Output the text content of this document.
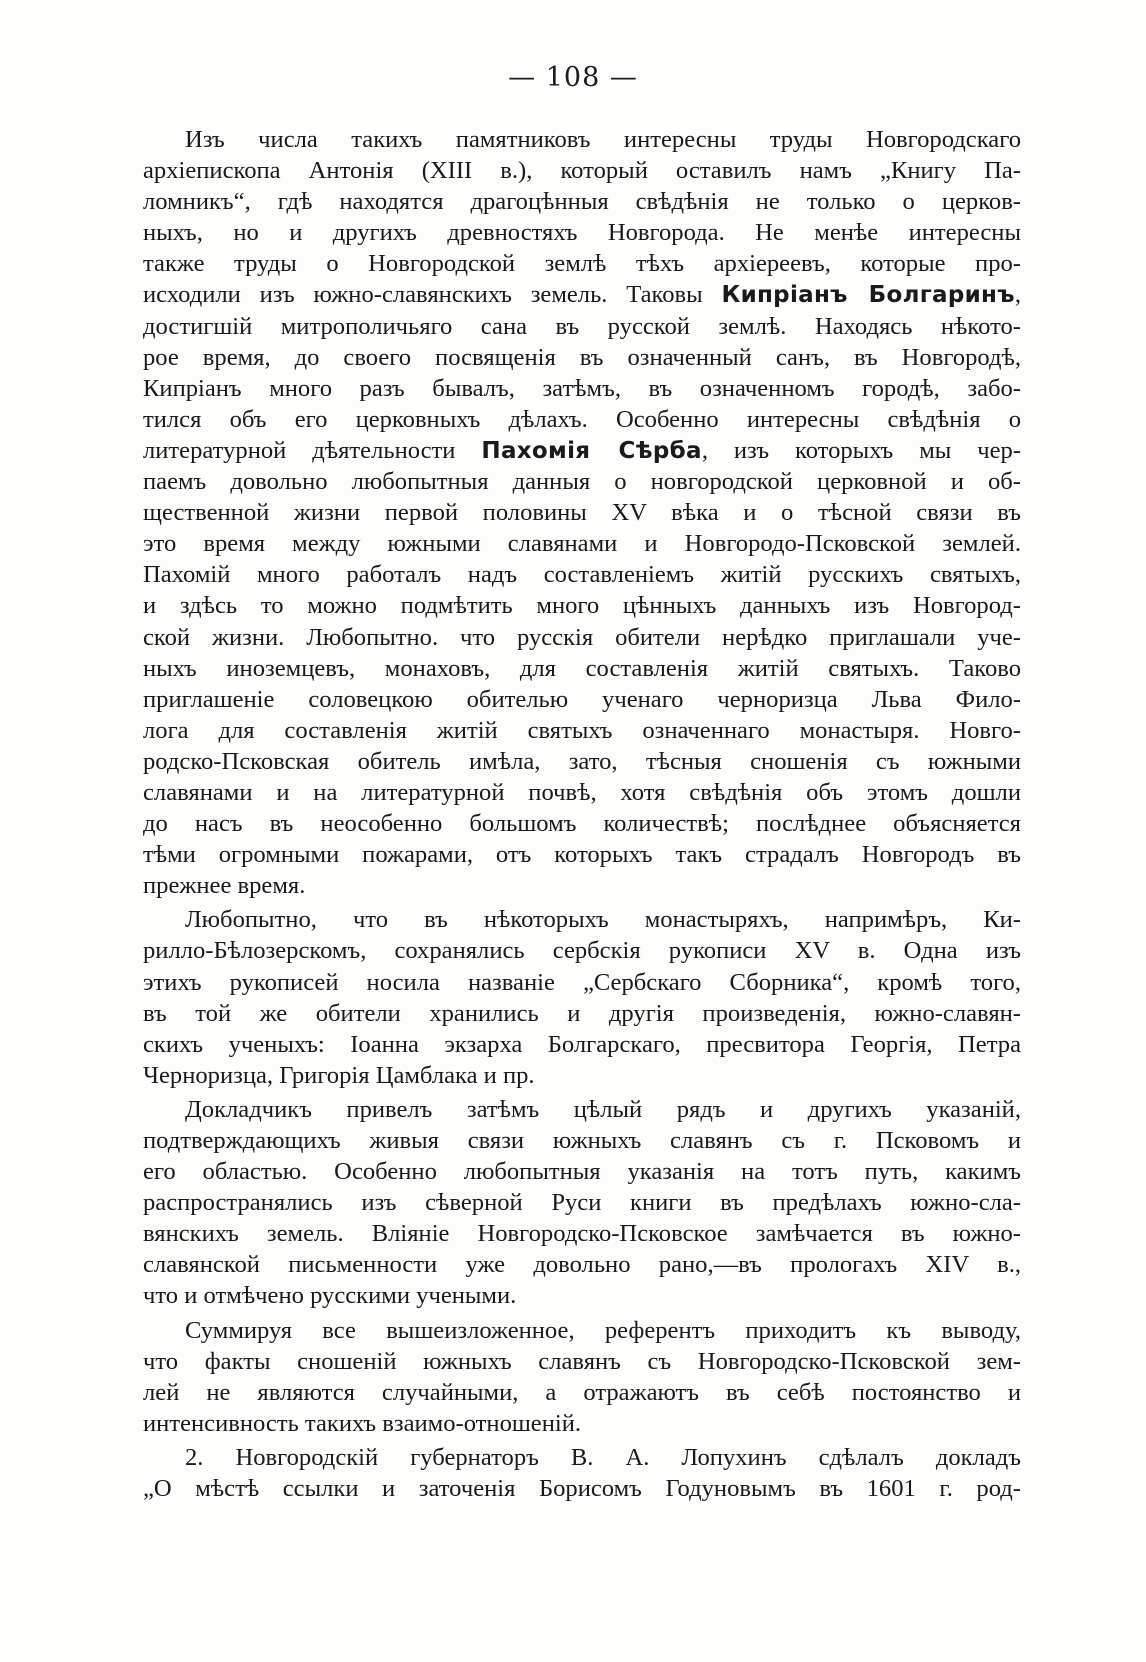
— 108 —
Изъ числа такихъ памятниковъ интересны труды Новгородскаго
архіепископа Антонія (XIII в.), который оставилъ намъ „Книгу Па-
ломникъ“, гдѣ находятся драгоцѣнныя свѣдѣнія не только о церков-
ныхъ, но и другихъ древностяхъ Новгорода. Не менѣе интересны
также труды о Новгородской землѣ тѣхъ архіереевъ, которые про-
исходили изъ южно-славянскихъ земель. Таковы Кипріанъ Болгаринъ,
достигшій митрополичьяго сана въ русской землѣ. Находясь нѣкото-
рое время, до своего посвященія въ означенный санъ, въ Новгородѣ,
Кипріанъ много разъ бывалъ, затѣмъ, въ означенномъ городѣ, забо-
тился объ его церковныхъ дѣлахъ. Особенно интересны свѣдѣнія о
литературной дѣятельности Пахомія Сѣрба, изъ которыхъ мы чер-
паемъ довольно любопытныя данныя о новгородской церковной и об-
щественной жизни первой половины XV вѣка и о тѣсной связи въ
это время между южными славянами и Новгородо-Псковской землей.
Пахомій много работалъ надъ составленіемъ житій русскихъ святыхъ,
и здѣсь то можно подмѣтить много цѣнныхъ данныхъ изъ Новгород-
ской жизни. Любопытно. что русскія обители нерѣдко приглашали уче-
ныхъ иноземцевъ, монаховъ, для составленія житій святыхъ. Таково
приглашеніе соловецкою обителью ученаго черноризца Льва Фило-
лога для составленія житій святыхъ означеннаго монастыря. Новго-
родско-Псковская обитель имѣла, зато, тѣсныя сношенія съ южными
славянами и на литературной почвѣ, хотя свѣдѣнія объ этомъ дошли
до насъ въ неособенно большомъ количествѣ; послѣднее объясняется
тѣми огромными пожарами, отъ которыхъ такъ страдалъ Новгородъ въ
прежнее время.
Любопытно, что въ нѣкоторыхъ монастыряхъ, напримѣръ, Ки-
рилло-Бѣлозерскомъ, сохранялись сербскія рукописи XV в. Одна изъ
этихъ рукописей носила названіе „Сербскаго Сборника“, кромѣ того,
въ той же обители хранились и другія произведенія, южно-славян-
скихъ ученыхъ: Іоанна экзарха Болгарскаго, пресвитора Георгія, Петра
Черноризца, Григорія Цамблака и пр.
Докладчикъ привелъ затѣмъ цѣлый рядъ и другихъ указаній,
подтверждающихъ живыя связи южныхъ славянъ съ г. Псковомъ и
его областью. Особенно любопытныя указанія на тотъ путь, какимъ
распространялись изъ сѣверной Руси книги въ предѣлахъ южно-сла-
вянскихъ земель. Вліяніе Новгородско-Псковское замѣчается въ южно-
славянской письменности уже довольно рано,—въ прологахъ XIV в.,
что и отмѣчено русскими учеными.
Суммируя все вышеизложенное, референтъ приходитъ къ выводу,
что факты сношеній южныхъ славянъ съ Новгородско-Псковской зем-
лей не являются случайными, а отражаютъ въ себѣ постоянство и
интенсивность такихъ взаимо-отношеній.
2. Новгородскій губернаторъ В. А. Лопухинъ сдѣлалъ докладъ
„О мѣстѣ ссылки и заточенія Борисомъ Годуновымъ въ 1601 г. род-
